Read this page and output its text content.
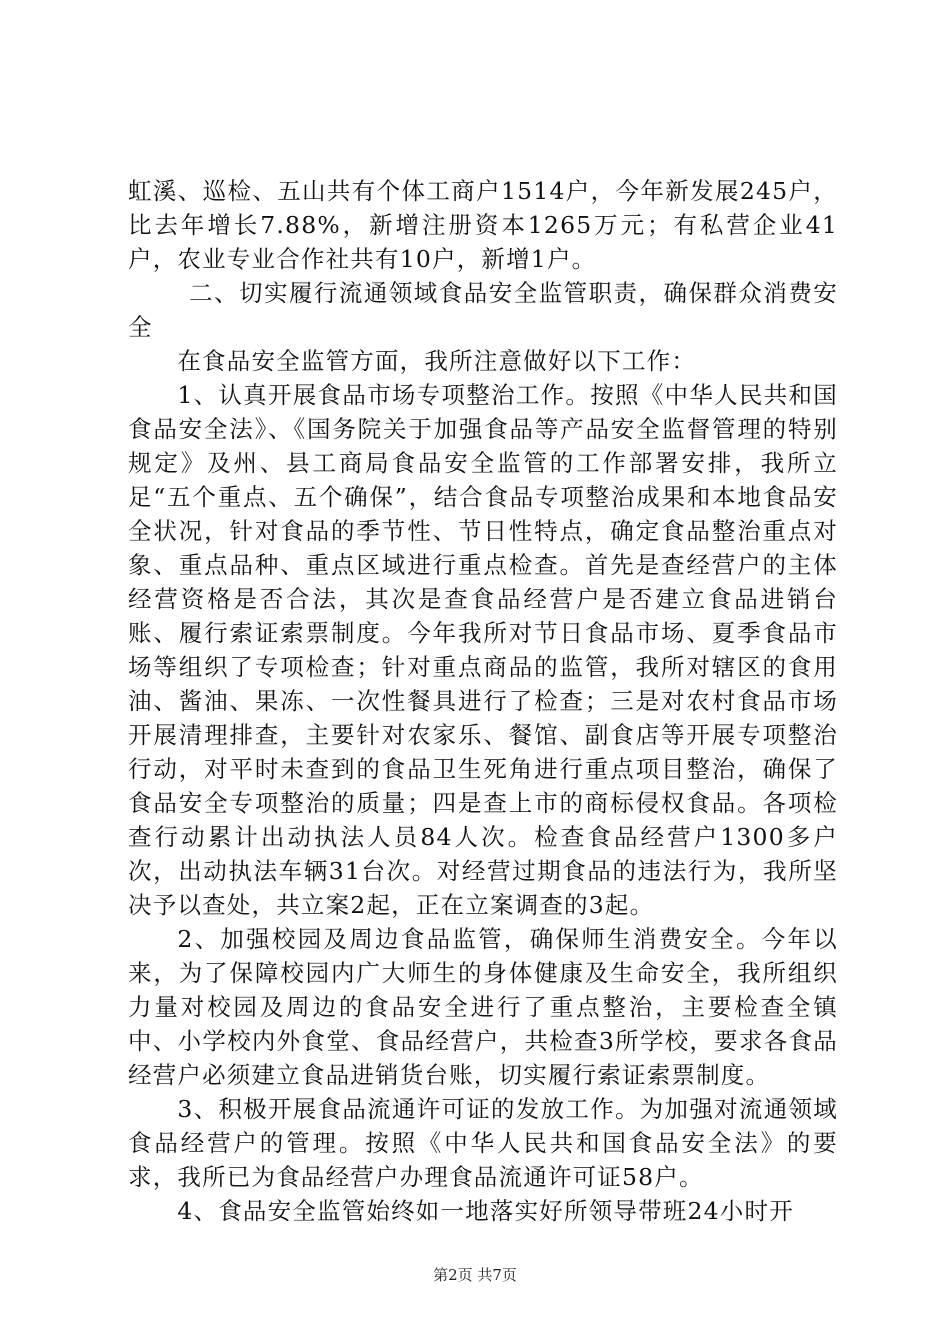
虹溪、巡检、五山共有个体工商户1514户，今年新发展245户，比去年增长7.88%，新增注册资本1265万元；有私营企业41户，农业专业合作社共有10户，新增1户。

二、切实履行流通领域食品安全监管职责，确保群众消费安全

在食品安全监管方面，我所注意做好以下工作：

1、认真开展食品市场专项整治工作。按照《中华人民共和国食品安全法》、《国务院关于加强食品等产品安全监督管理的特别规定》及州、县工商局食品安全监管的工作部署安排，我所立足“五个重点、五个确保”，结合食品专项整治成果和本地食品安全状况，针对食品的季节性、节日性特点，确定食品整治重点对象、重点品种、重点区域进行重点检查。首先是查经营户的主体经营资格是否合法，其次是查食品经营户是否建立食品进销台账、履行索证索票制度。今年我所对节日食品市场、夏季食品市场等组织了专项检查；针对重点商品的监管，我所对辖区的食用油、酱油、果冻、一次性餐具进行了检查；三是对农村食品市场开展清理排查，主要针对农家乐、餐馆、副食店等开展专项整治行动，对平时未查到的食品卫生死角进行重点项目整治，确保了食品安全专项整治的质量；四是查上市的商标侵权食品。各项检查行动累计出动执法人员84人次。检查食品经营户1300多户次，出动执法车辆31台次。对经营过期食品的违法行为，我所坚决予以查处，共立案2起，正在立案调查的3起。

2、加强校园及周边食品监管，确保师生消费安全。今年以来，为了保障校园内广大师生的身体健康及生命安全，我所组织力量对校园及周边的食品安全进行了重点整治，主要检查全镇中、小学校内外食堂、食品经营户，共检查3所学校，要求各食品经营户必须建立食品进销货台账，切实履行索证索票制度。

3、积极开展食品流通许可证的发放工作。为加强对流通领域食品经营户的管理。按照《中华人民共和国食品安全法》的要求，我所已为食品经营户办理食品流通许可证58户。

4、食品安全监管始终如一地落实好所领导带班24小时开

第2页 共7页
